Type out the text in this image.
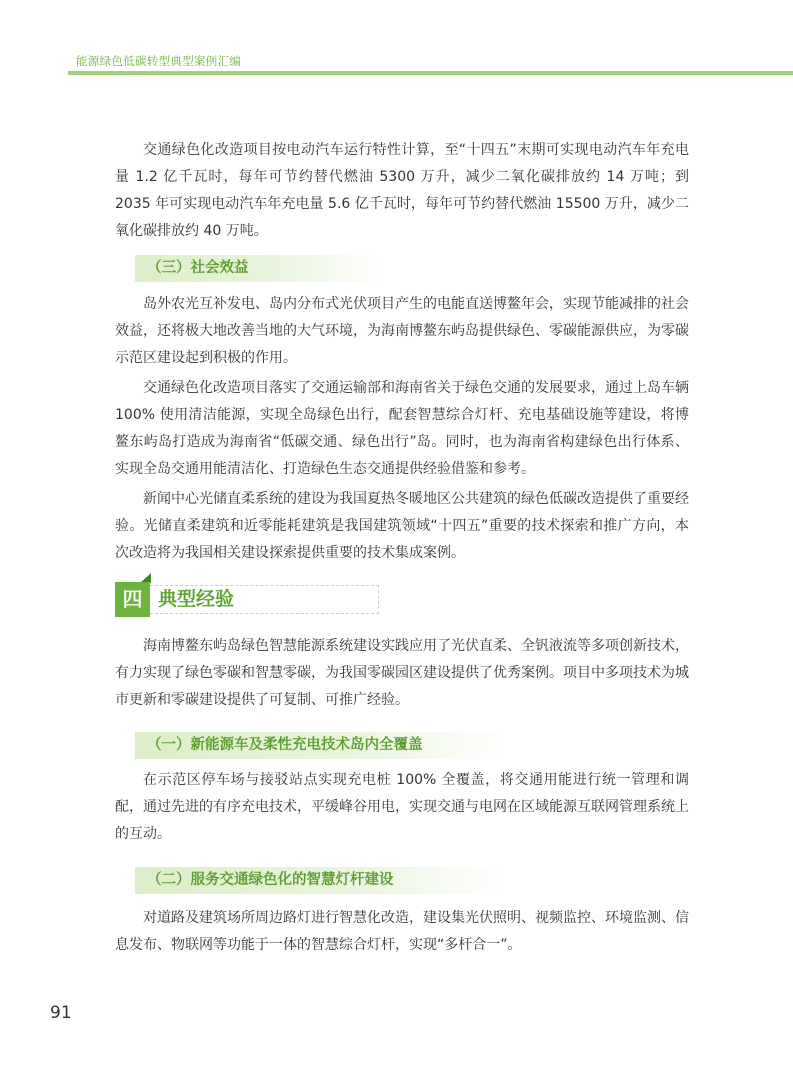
能源绿色低碳转型典型案例汇编

交通绿色化改造项目按电动汽车运行特性计算，至“十四五”末期可实现电动汽车年充电量 1.2 亿千瓦时，每年可节约替代燃油 5300 万升，减少二氧化碳排放约 14 万吨；到 2035 年可实现电动汽车年充电量 5.6 亿千瓦时，每年可节约替代燃油 15500 万升，减少二氧化碳排放约 40 万吨。

（三）社会效益

岛外农光互补发电、岛内分布式光伏项目产生的电能直送博鳌年会，实现节能减排的社会效益，还将极大地改善当地的大气环境，为海南博鳌东屿岛提供绿色、零碳能源供应，为零碳示范区建设起到积极的作用。

交通绿色化改造项目落实了交通运输部和海南省关于绿色交通的发展要求，通过上岛车辆 100% 使用清洁能源，实现全岛绿色出行，配套智慧综合灯杆、充电基础设施等建设，将博鳌东屿岛打造成为海南省“低碳交通、绿色出行”岛。同时，也为海南省构建绿色出行体系、实现全岛交通用能清洁化、打造绿色生态交通提供经验借鉴和参考。

新闻中心光储直柔系统的建设为我国夏热冬暖地区公共建筑的绿色低碳改造提供了重要经验。光储直柔建筑和近零能耗建筑是我国建筑领域“十四五”重要的技术探索和推广方向，本次改造将为我国相关建设探索提供重要的技术集成案例。

四 典型经验

海南博鳌东屿岛绿色智慧能源系统建设实践应用了光伏直柔、全钒液流等多项创新技术，有力实现了绿色零碳和智慧零碳，为我国零碳园区建设提供了优秀案例。项目中多项技术为城市更新和零碳建设提供了可复制、可推广经验。

（一）新能源车及柔性充电技术岛内全覆盖

在示范区停车场与接驳站点实现充电桩 100% 全覆盖，将交通用能进行统一管理和调配，通过先进的有序充电技术，平缓峰谷用电，实现交通与电网在区域能源互联网管理系统上的互动。

（二）服务交通绿色化的智慧灯杆建设

对道路及建筑场所周边路灯进行智慧化改造，建设集光伏照明、视频监控、环境监测、信息发布、物联网等功能于一体的智慧综合灯杆，实现“多杆合一”。

91
